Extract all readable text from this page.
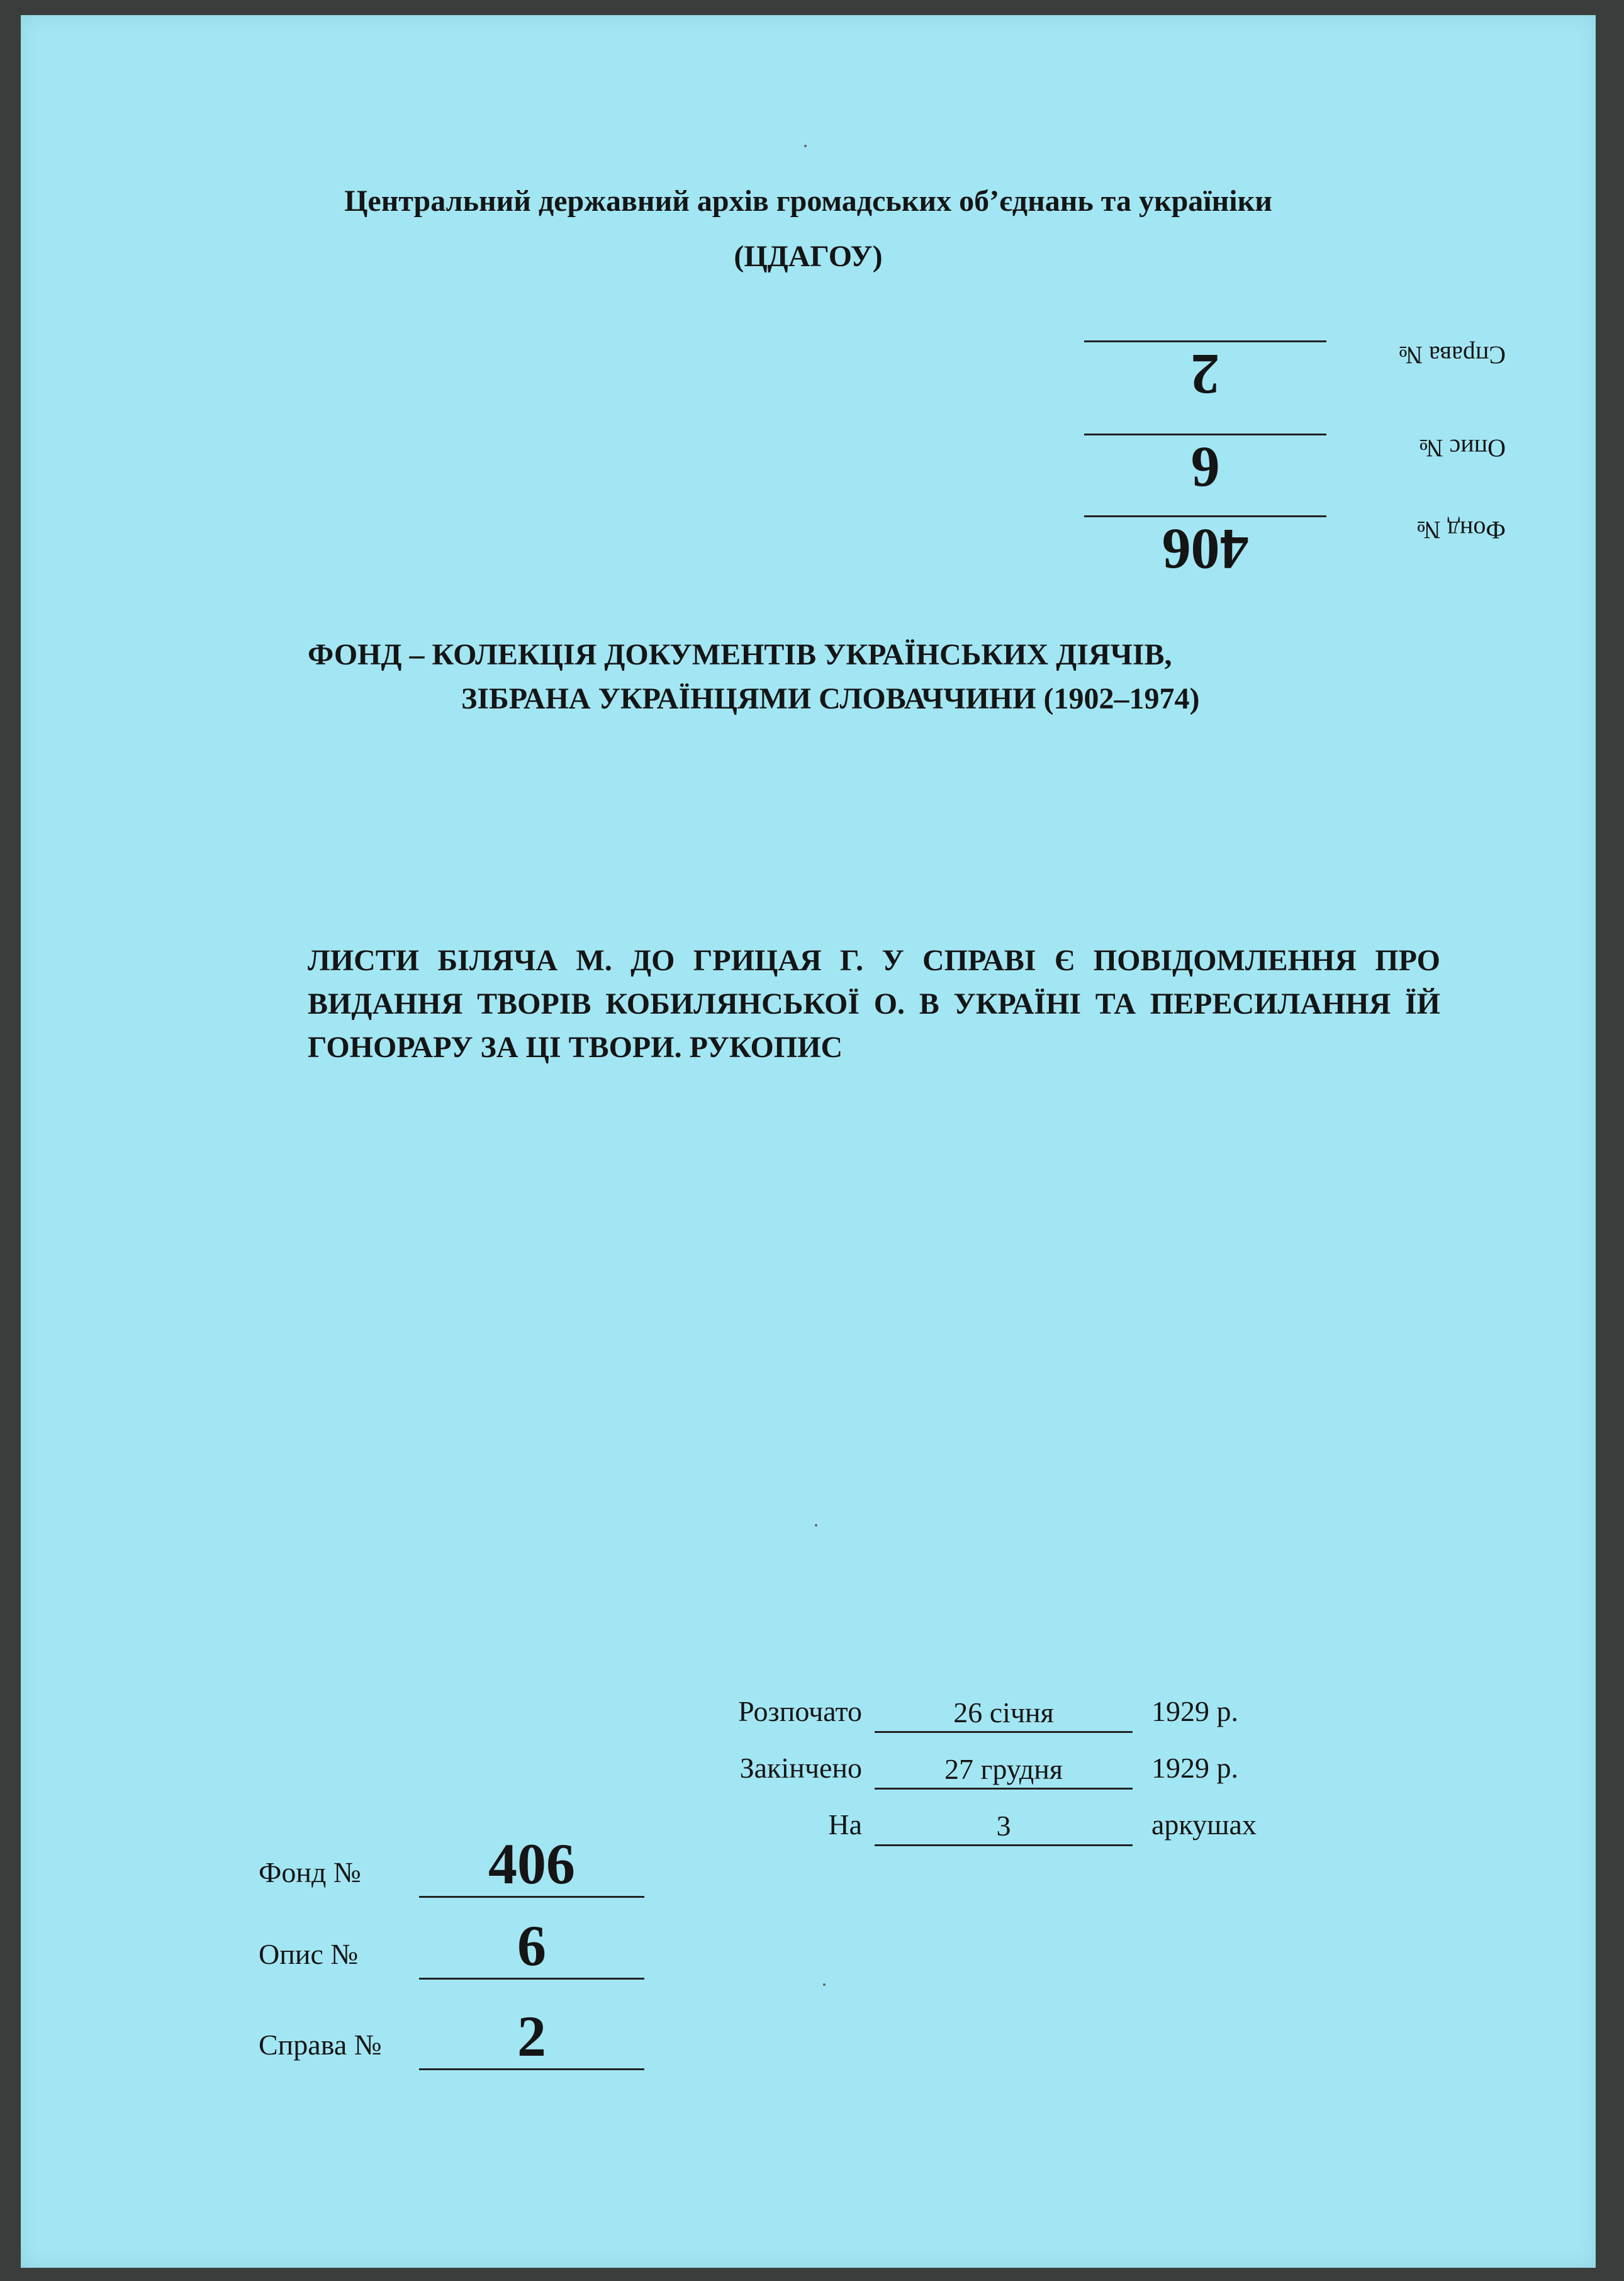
Центральний державний архів громадських об’єднань та україніки
(ЦДАГОУ)
Фонд №
406
Опис №
6
Справа №
2
ФОНД – КОЛЕКЦІЯ ДОКУМЕНТІВ УКРАЇНСЬКИХ ДІЯЧІВ,
ЗІБРАНА УКРАЇНЦЯМИ СЛОВАЧЧИНИ (1902–1974)
ЛИСТИ БІЛЯЧА М. ДО ГРИЦАЯ Г. У СПРАВІ Є ПОВІДОМЛЕННЯ ПРО ВИДАННЯ ТВОРІВ КОБИЛЯНСЬКОЇ О. В УКРАЇНІ ТА ПЕРЕСИЛАННЯ ЇЙ ГОНОРАРУ ЗА ЦІ ТВОРИ. РУКОПИС
Розпочато	26 січня	1929 р.
Закінчено	27 грудня	1929 р.
На	3	аркушах
Фонд №	406
Опис №	6
Справа №	2
